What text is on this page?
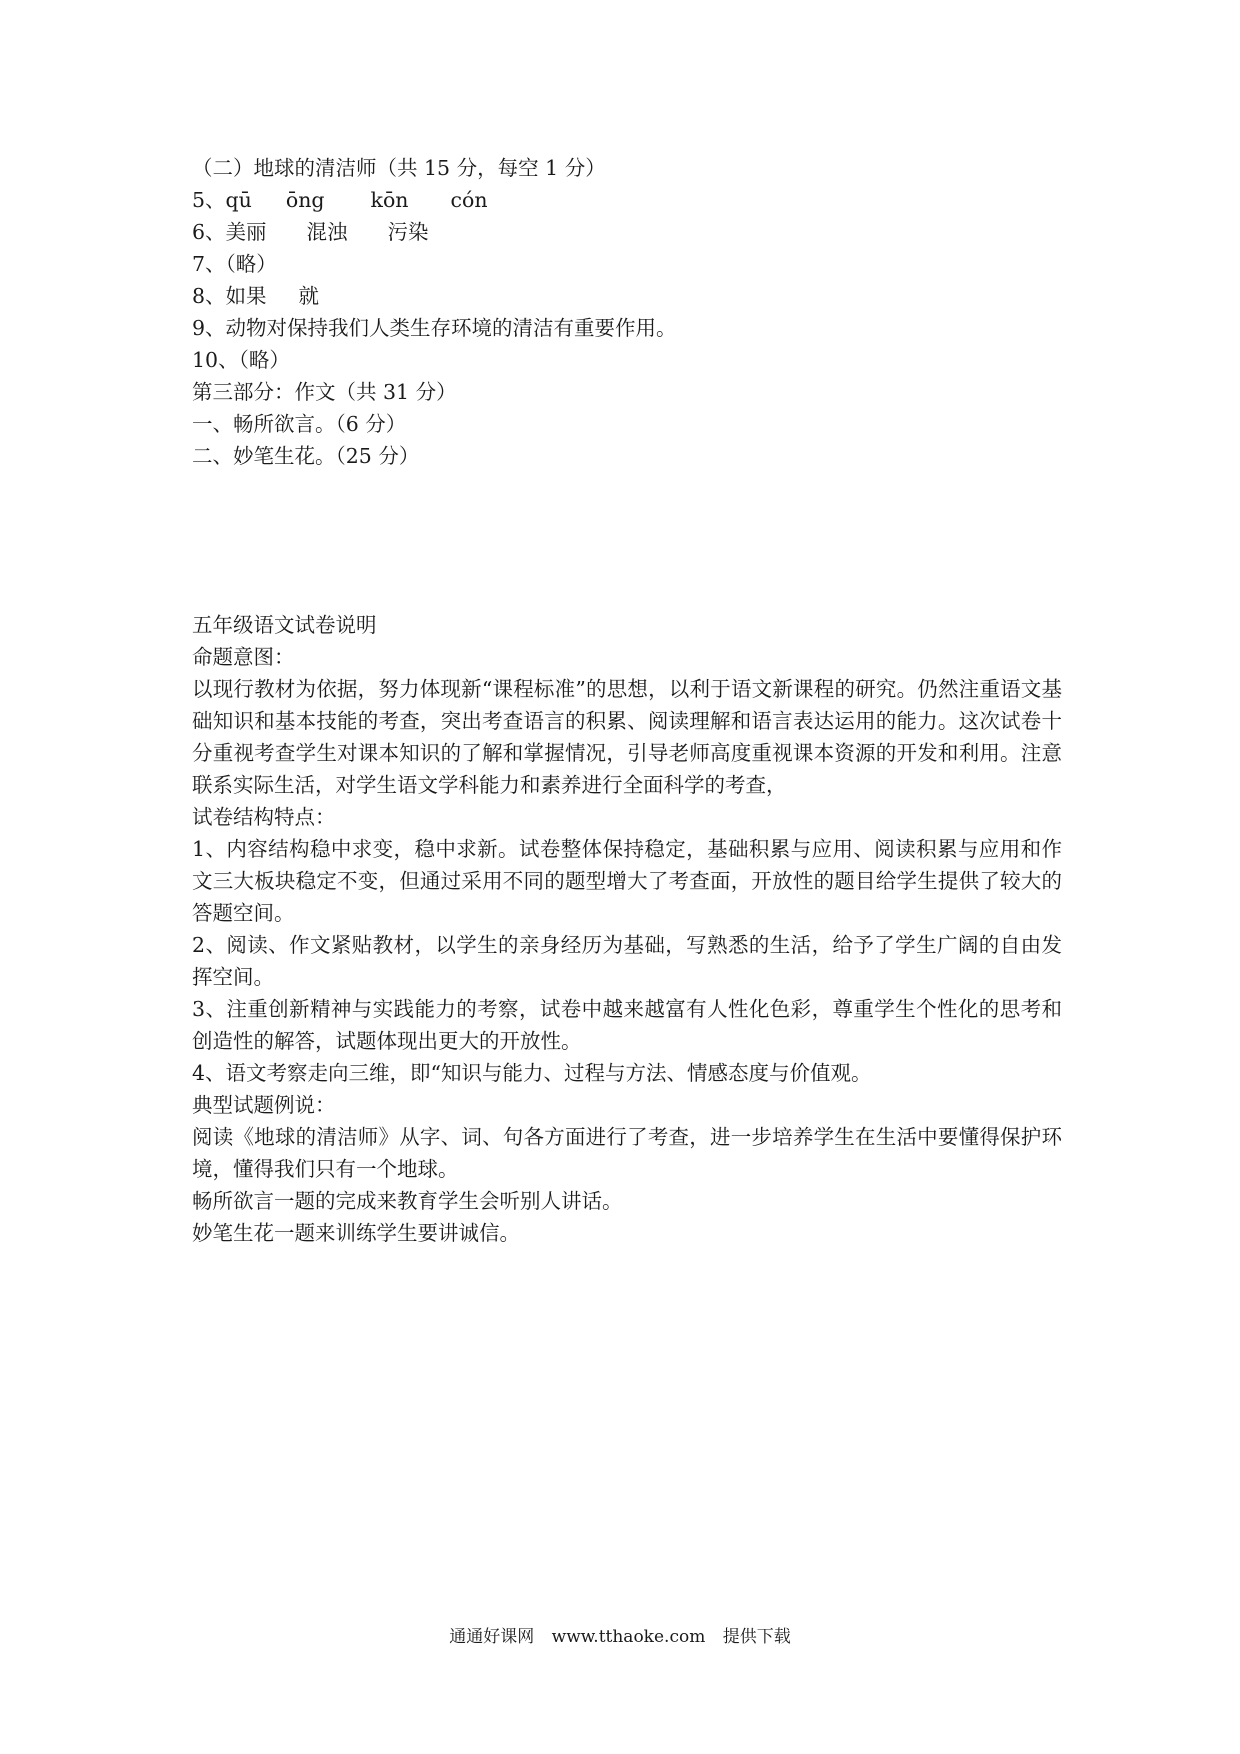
（二）地球的清洁师（共 15 分，每空 1 分）
5、qū ōng kōn cón
6、美丽 混浊 污染
7、（略）
8、如果 就
9、动物对保持我们人类生存环境的清洁有重要作用。
10、（略）
第三部分：作文（共 31 分）
一、畅所欲言。（6 分）
二、妙笔生花。（25 分）
五年级语文试卷说明
命题意图：
以现行教材为依据，努力体现新“课程标准”的思想，以利于语文新课程的研究。仍然注重语文基础知识和基本技能的考查，突出考查语言的积累、阅读理解和语言表达运用的能力。这次试卷十分重视考查学生对课本知识的了解和掌握情况，引导老师高度重视课本资源的开发和利用。注意联系实际生活，对学生语文学科能力和素养进行全面科学的考查，
试卷结构特点：
1、内容结构稳中求变，稳中求新。试卷整体保持稳定，基础积累与应用、阅读积累与应用和作文三大板块稳定不变，但通过采用不同的题型增大了考查面，开放性的题目给学生提供了较大的答题空间。
2、阅读、作文紧贴教材，以学生的亲身经历为基础，写熟悉的生活，给予了学生广阔的自由发挥空间。
3、注重创新精神与实践能力的考察，试卷中越来越富有人性化色彩，尊重学生个性化的思考和创造性的解答，试题体现出更大的开放性。
4、语文考察走向三维，即“知识与能力、过程与方法、情感态度与价值观。
典型试题例说：
阅读《地球的清洁师》从字、词、句各方面进行了考查，进一步培养学生在生活中要懂得保护环境，懂得我们只有一个地球。
畅所欲言一题的完成来教育学生会听别人讲话。
妙笔生花一题来训练学生要讲诚信。
通通好课网 www.tthaoke.com 提供下载
